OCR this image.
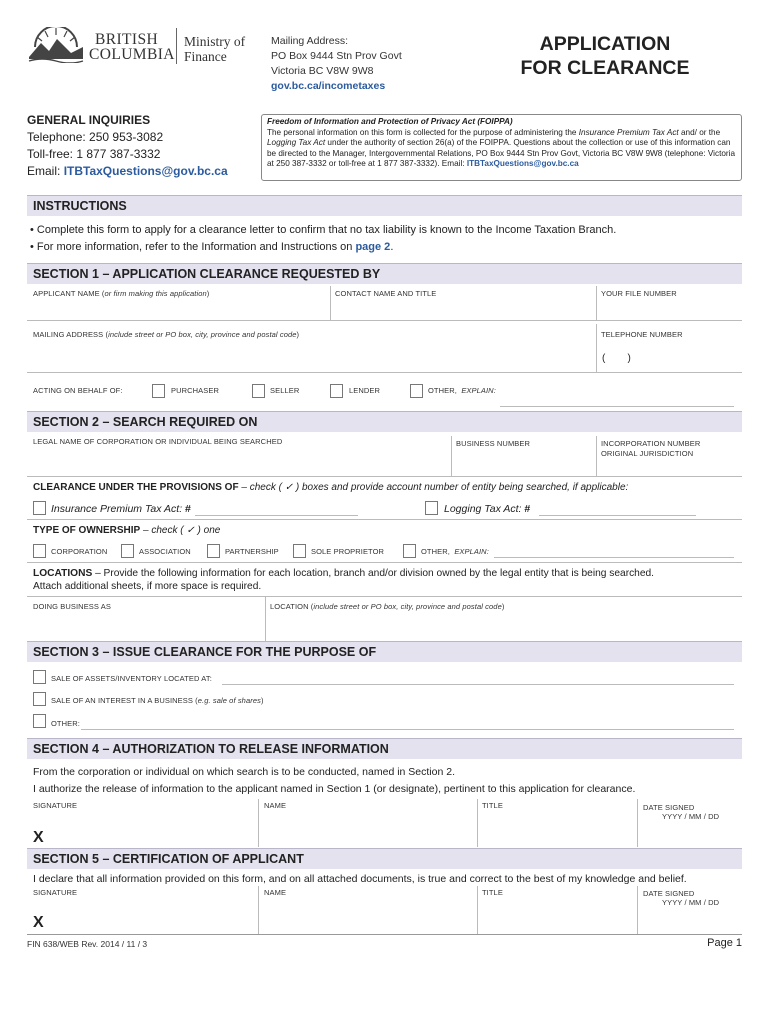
BRITISH
COLUMBIA
Ministry of
Finance
Mailing Address:
PO Box 9444 Stn Prov Govt
Victoria BC V8W 9W8
gov.bc.ca/incometaxes
APPLICATION
FOR CLEARANCE
GENERAL INQUIRIES
Telephone: 250 953-3082
Toll-free: 1 877 387-3332
Email: ITBTaxQuestions@gov.bc.ca
Freedom of Information and Protection of Privacy Act (FOIPPA)
The personal information on this form is collected for the purpose of administering the Insurance Premium Tax Act and/ or the Logging Tax Act under the authority of section 26(a) of the FOIPPA. Questions about the collection or use of this information can be directed to the Manager, Intergovernmental Relations, PO Box 9444 Stn Prov Govt, Victoria BC V8W 9W8 (telephone: Victoria at 250 387-3332 or toll-free at 1 877 387-3332). Email: ITBTaxQuestions@gov.bc.ca
INSTRUCTIONS
• Complete this form to apply for a clearance letter to confirm that no tax liability is known to the Income Taxation Branch.
• For more information, refer to the Information and Instructions on page 2.
SECTION 1 – APPLICATION CLEARANCE REQUESTED BY
APPLICANT NAME (or firm making this application)	CONTACT NAME AND TITLE	YOUR FILE NUMBER
MAILING ADDRESS (include street or PO box, city, province and postal code)	TELEPHONE NUMBER
(        )
ACTING ON BEHALF OF:	PURCHASER	SELLER	LENDER	OTHER,  EXPLAIN:
SECTION 2 – SEARCH REQUIRED ON
LEGAL NAME OF CORPORATION OR INDIVIDUAL BEING SEARCHED	BUSINESS NUMBER	INCORPORATION NUMBER
ORIGINAL JURISDICTION
CLEARANCE UNDER THE PROVISIONS OF – check ( ✓ ) boxes and provide account number of entity being searched, if applicable:
Insurance Premium Tax Act: #	Logging Tax Act: #
TYPE OF OWNERSHIP – check ( ✓ ) one
CORPORATION	ASSOCIATION	PARTNERSHIP	SOLE PROPRIETOR	OTHER,  EXPLAIN:
LOCATIONS – Provide the following information for each location, branch and/or division owned by the legal entity that is being searched.
Attach additional sheets, if more space is required.
DOING BUSINESS AS	LOCATION (include street or PO box, city, province and postal code)
SECTION 3 – ISSUE CLEARANCE FOR THE PURPOSE OF
SALE OF ASSETS/INVENTORY LOCATED AT:
SALE OF AN INTEREST IN A BUSINESS (e.g. sale of shares)
OTHER:
SECTION 4 – AUTHORIZATION TO RELEASE INFORMATION
From the corporation or individual on which search is to be conducted, named in Section 2.
I authorize the release of information to the applicant named in Section 1 (or designate), pertinent to this application for clearance.
SIGNATURE	NAME	TITLE	DATE SIGNED
YYYY / MM / DD
X
SECTION 5 – CERTIFICATION OF APPLICANT
I declare that all information provided on this form, and on all attached documents, is true and correct to the best of my knowledge and belief.
SIGNATURE	NAME	TITLE	DATE SIGNED
YYYY / MM / DD
X
FIN 638/WEB Rev. 2014 / 11 / 3	Page 1
